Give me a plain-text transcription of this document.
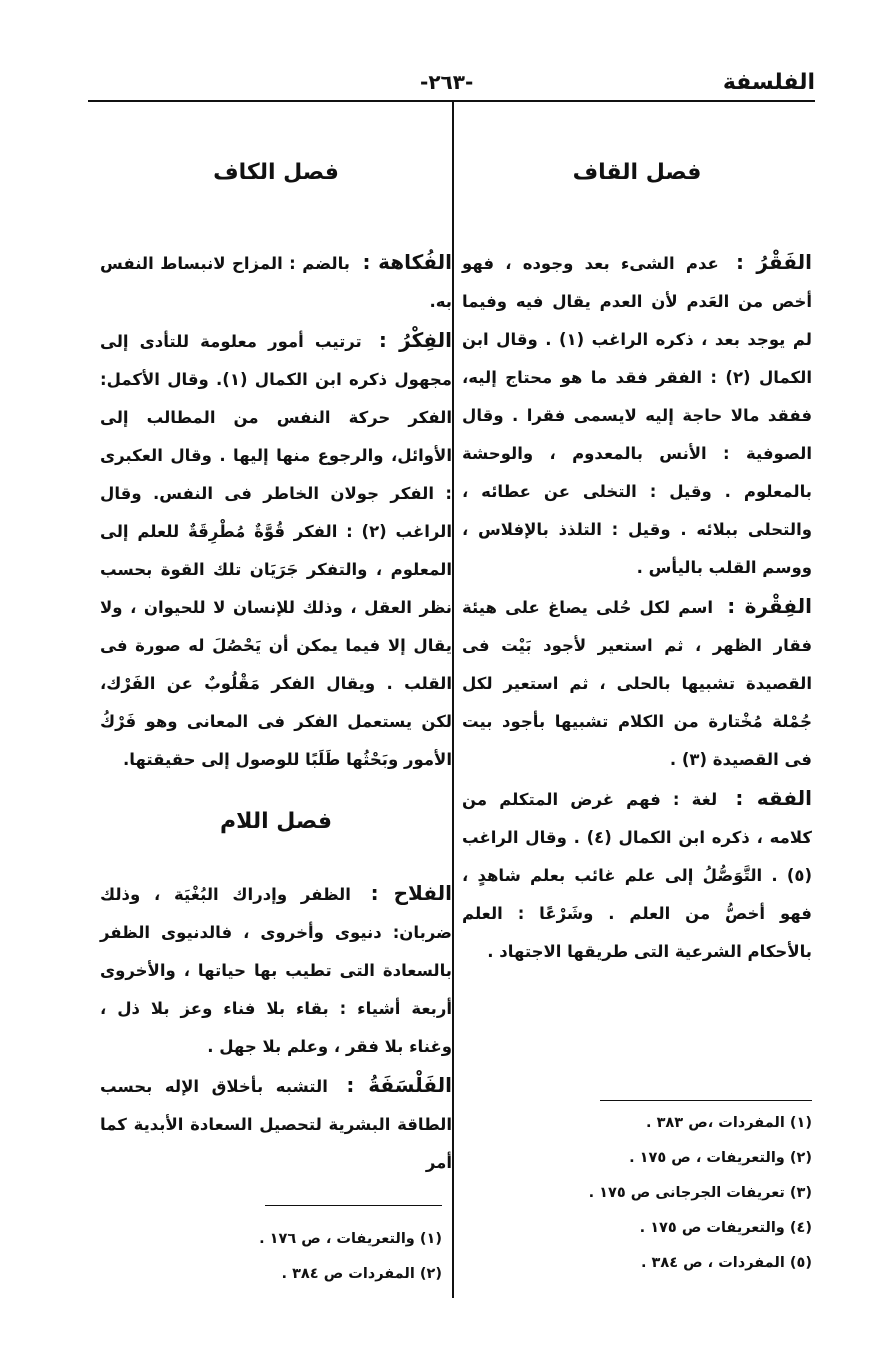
الفلسفة
-٢٦٣-
فصل القاف

الفَقْرُ : عدم الشىء بعد وجوده ، فهو أخص من العَدم لأن العدم يقال فيه وفيما لم يوجد بعد ، ذكره الراغب (١) . وقال ابن الكمال (٢) : الفقر فقد ما هو محتاج إليه، ففقد مالا حاجة إليه لايسمى فقرا . وقال الصوفية : الأنس بالمعدوم ، والوحشة بالمعلوم . وقيل : التخلى عن عطائه ، والتحلى ببلائه . وقيل : التلذذ بالإفلاس ، ووسم القلب باليأس .

الفِقْرة : اسم لكل حُلى يصاغ على هيئة فقار الظهر ، ثم استعير لأجود بَيْت فى القصيدة تشبيها بالحلى ، ثم استعير لكل جُمْلة مُخْتارة من الكلام تشبيها بأجود بيت فى القصيدة (٣) .

الفقه : لغة : فهم غرض المتكلم من كلامه ، ذكره ابن الكمال (٤) . وقال الراغب (٥) . التَّوَصُّلُ إلى علم غائب بعلم شاهدٍ ، فهو أخصُّ من العلم . وشَرْعًا : العلم بالأحكام الشرعية التى طريقها الاجتهاد .

(١) المفردات ،ص ٣٨٣ .
(٢) والتعريفات ، ص ١٧٥ .
(٣) تعريفات الجرجانى ص ١٧٥ .
(٤) والتعريفات ص ١٧٥ .
(٥) المفردات ، ص ٣٨٤ .
فصل الكاف

الفُكاهة : بالضم : المزاح لانبساط النفس به.

الفِكْرُ : ترتيب أمور معلومة للتأدى إلى مجهول ذكره ابن الكمال (١). وقال الأكمل: الفكر حركة النفس من المطالب إلى الأوائل، والرجوع منها إليها . وقال العكبرى : الفكر جولان الخاطر فى النفس. وقال الراغب (٢) : الفكر قُوَّةٌ مُطْرِقَةٌ للعلم إلى المعلوم ، والتفكر جَرَيَان تلك القوة بحسب نظر العقل ، وذلك للإنسان لا للحيوان ، ولا يقال إلا فيما يمكن أن يَحْصُلَ له صورة فى القلب . ويقال الفكر مَقْلُوبٌ عن الفَرْك، لكن يستعمل الفكر فى المعانى وهو فَرْكُ الأمور وبَحْثُها طَلَبًا للوصول إلى حقيقتها.

فصل اللام

الفلاح : الظفر وإدراك البُغْيَة ، وذلك ضربان: دنيوى وأخروى ، فالدنيوى الظفر بالسعادة التى تطيب بها حياتها ، والأخروى أربعة أشياء : بقاء بلا فناء وعز بلا ذل ، وغناء بلا فقر ، وعلم بلا جهل .

الفَلْسَفَةُ : التشبه بأخلاق الإله بحسب الطاقة البشرية لتحصيل السعادة الأبدية كما أمر

(١) والتعريفات ، ص ١٧٦ .
(٢) المفردات ص ٣٨٤ .
